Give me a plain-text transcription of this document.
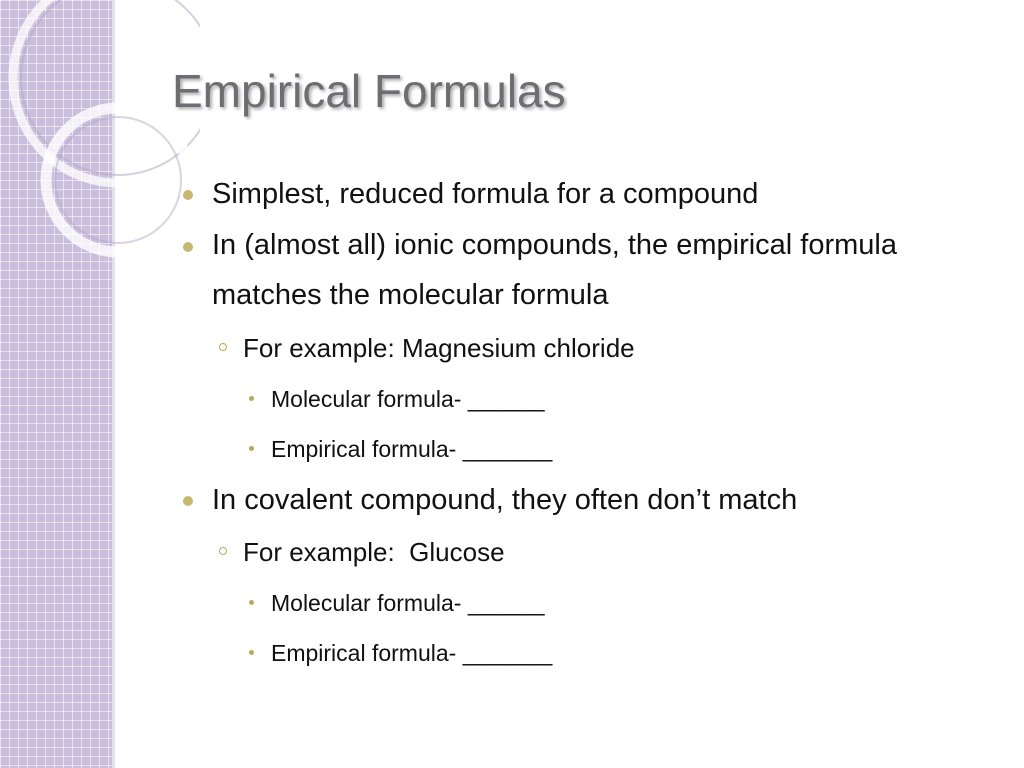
Empirical Formulas
Simplest, reduced formula for a compound
In (almost all) ionic compounds, the empirical formula matches the molecular formula
For example: Magnesium chloride
Molecular formula- ______
Empirical formula- _______
In covalent compound, they often don’t match
For example:  Glucose
Molecular formula- ______
Empirical formula- _______
